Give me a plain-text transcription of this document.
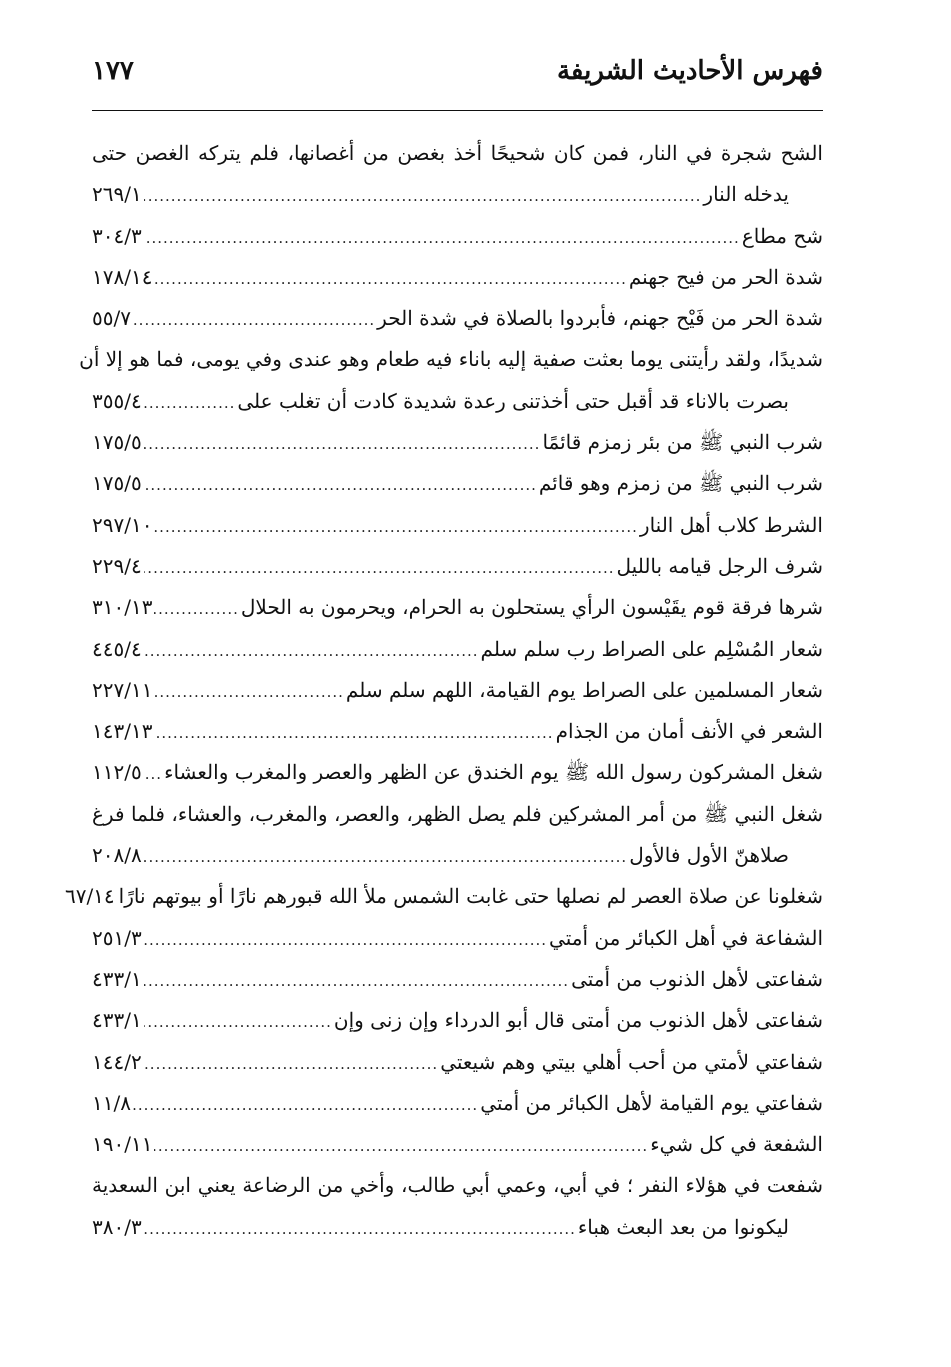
فهرس الأحاديث الشريفة
١٧٧
الشح شجرة في النار، فمن كان شحيحًا أخذ بغصن من أغصانها، فلم يتركه الغصن حتى
يدخله النار
.....
٢٦٩/١
شح مطاع
.....
٣٠٤/٣
شدة الحر من فيح جهنم
.....
١٧٨/١٤
شدة الحر من فَيْح جهنم، فأبردوا بالصلاة في شدة الحر
.....
٥٥/٧
شديدًا، ولقد رأيتنى يوما بعثت صفية إليه باناء فيه طعام وهو عندى وفي يومى، فما هو إلا أن
بصرت بالاناء قد أقبل حتى أخذتنى رعدة شديدة كادت أن تغلب على
.....
٣٥٥/٤
شرب النبي ﷺ من بئر زمزم قائمًا
.....
١٧٥/٥
شرب النبي ﷺ من زمزم وهو قائم
.....
١٧٥/٥
الشرط كلاب أهل النار
.....
٢٩٧/١٠
شرف الرجل قيامه بالليل
.....
٢٢٩/٤
شرها فرقة قوم يقَيْسون الرأي يستحلون به الحرام، ويحرمون به الحلال
.....
٣١٠/١٣
شعار المُسْلِم على الصراط رب سلم سلم
.....
٤٤٥/٤
شعار المسلمين على الصراط يوم القيامة، اللهم سلم سلم
.....
٢٢٧/١١
الشعر في الأنف أمان من الجذام
.....
١٤٣/١٣
شغل المشركون رسول الله ﷺ يوم الخندق عن الظهر والعصر والمغرب والعشاء
.....
١١٢/٥
شغل النبي ﷺ من أمر المشركين فلم يصل الظهر، والعصر، والمغرب، والعشاء، فلما فرغ
صلاهنّ الأول فالأول
.....
٢٠٨/٨
شغلونا عن صلاة العصر لم نصلها حتى غابت الشمس ملأ الله قبورهم نارًا أو بيوتهم نارًا
٦٧/١٤
الشفاعة في أهل الكبائر من أمتي
.....
٢٥١/٣
شفاعتى لأهل الذنوب من أمتى
.....
٤٣٣/١
شفاعتى لأهل الذنوب من أمتى قال أبو الدرداء وإن زنى وإن
.....
٤٣٣/١
شفاعتي لأمتي من أحب أهلي بيتي وهم شيعتي
.....
١٤٤/٢
شفاعتي يوم القيامة لأهل الكبائر من أمتي
.....
١١/٨
الشفعة في كل شيء
.....
١٩٠/١١
شفعت في هؤلاء النفر ؛ في أبي، وعمي أبي طالب، وأخي من الرضاعة يعني ابن السعدية
ليكونوا من بعد البعث هباء
.....
٣٨٠/٣
